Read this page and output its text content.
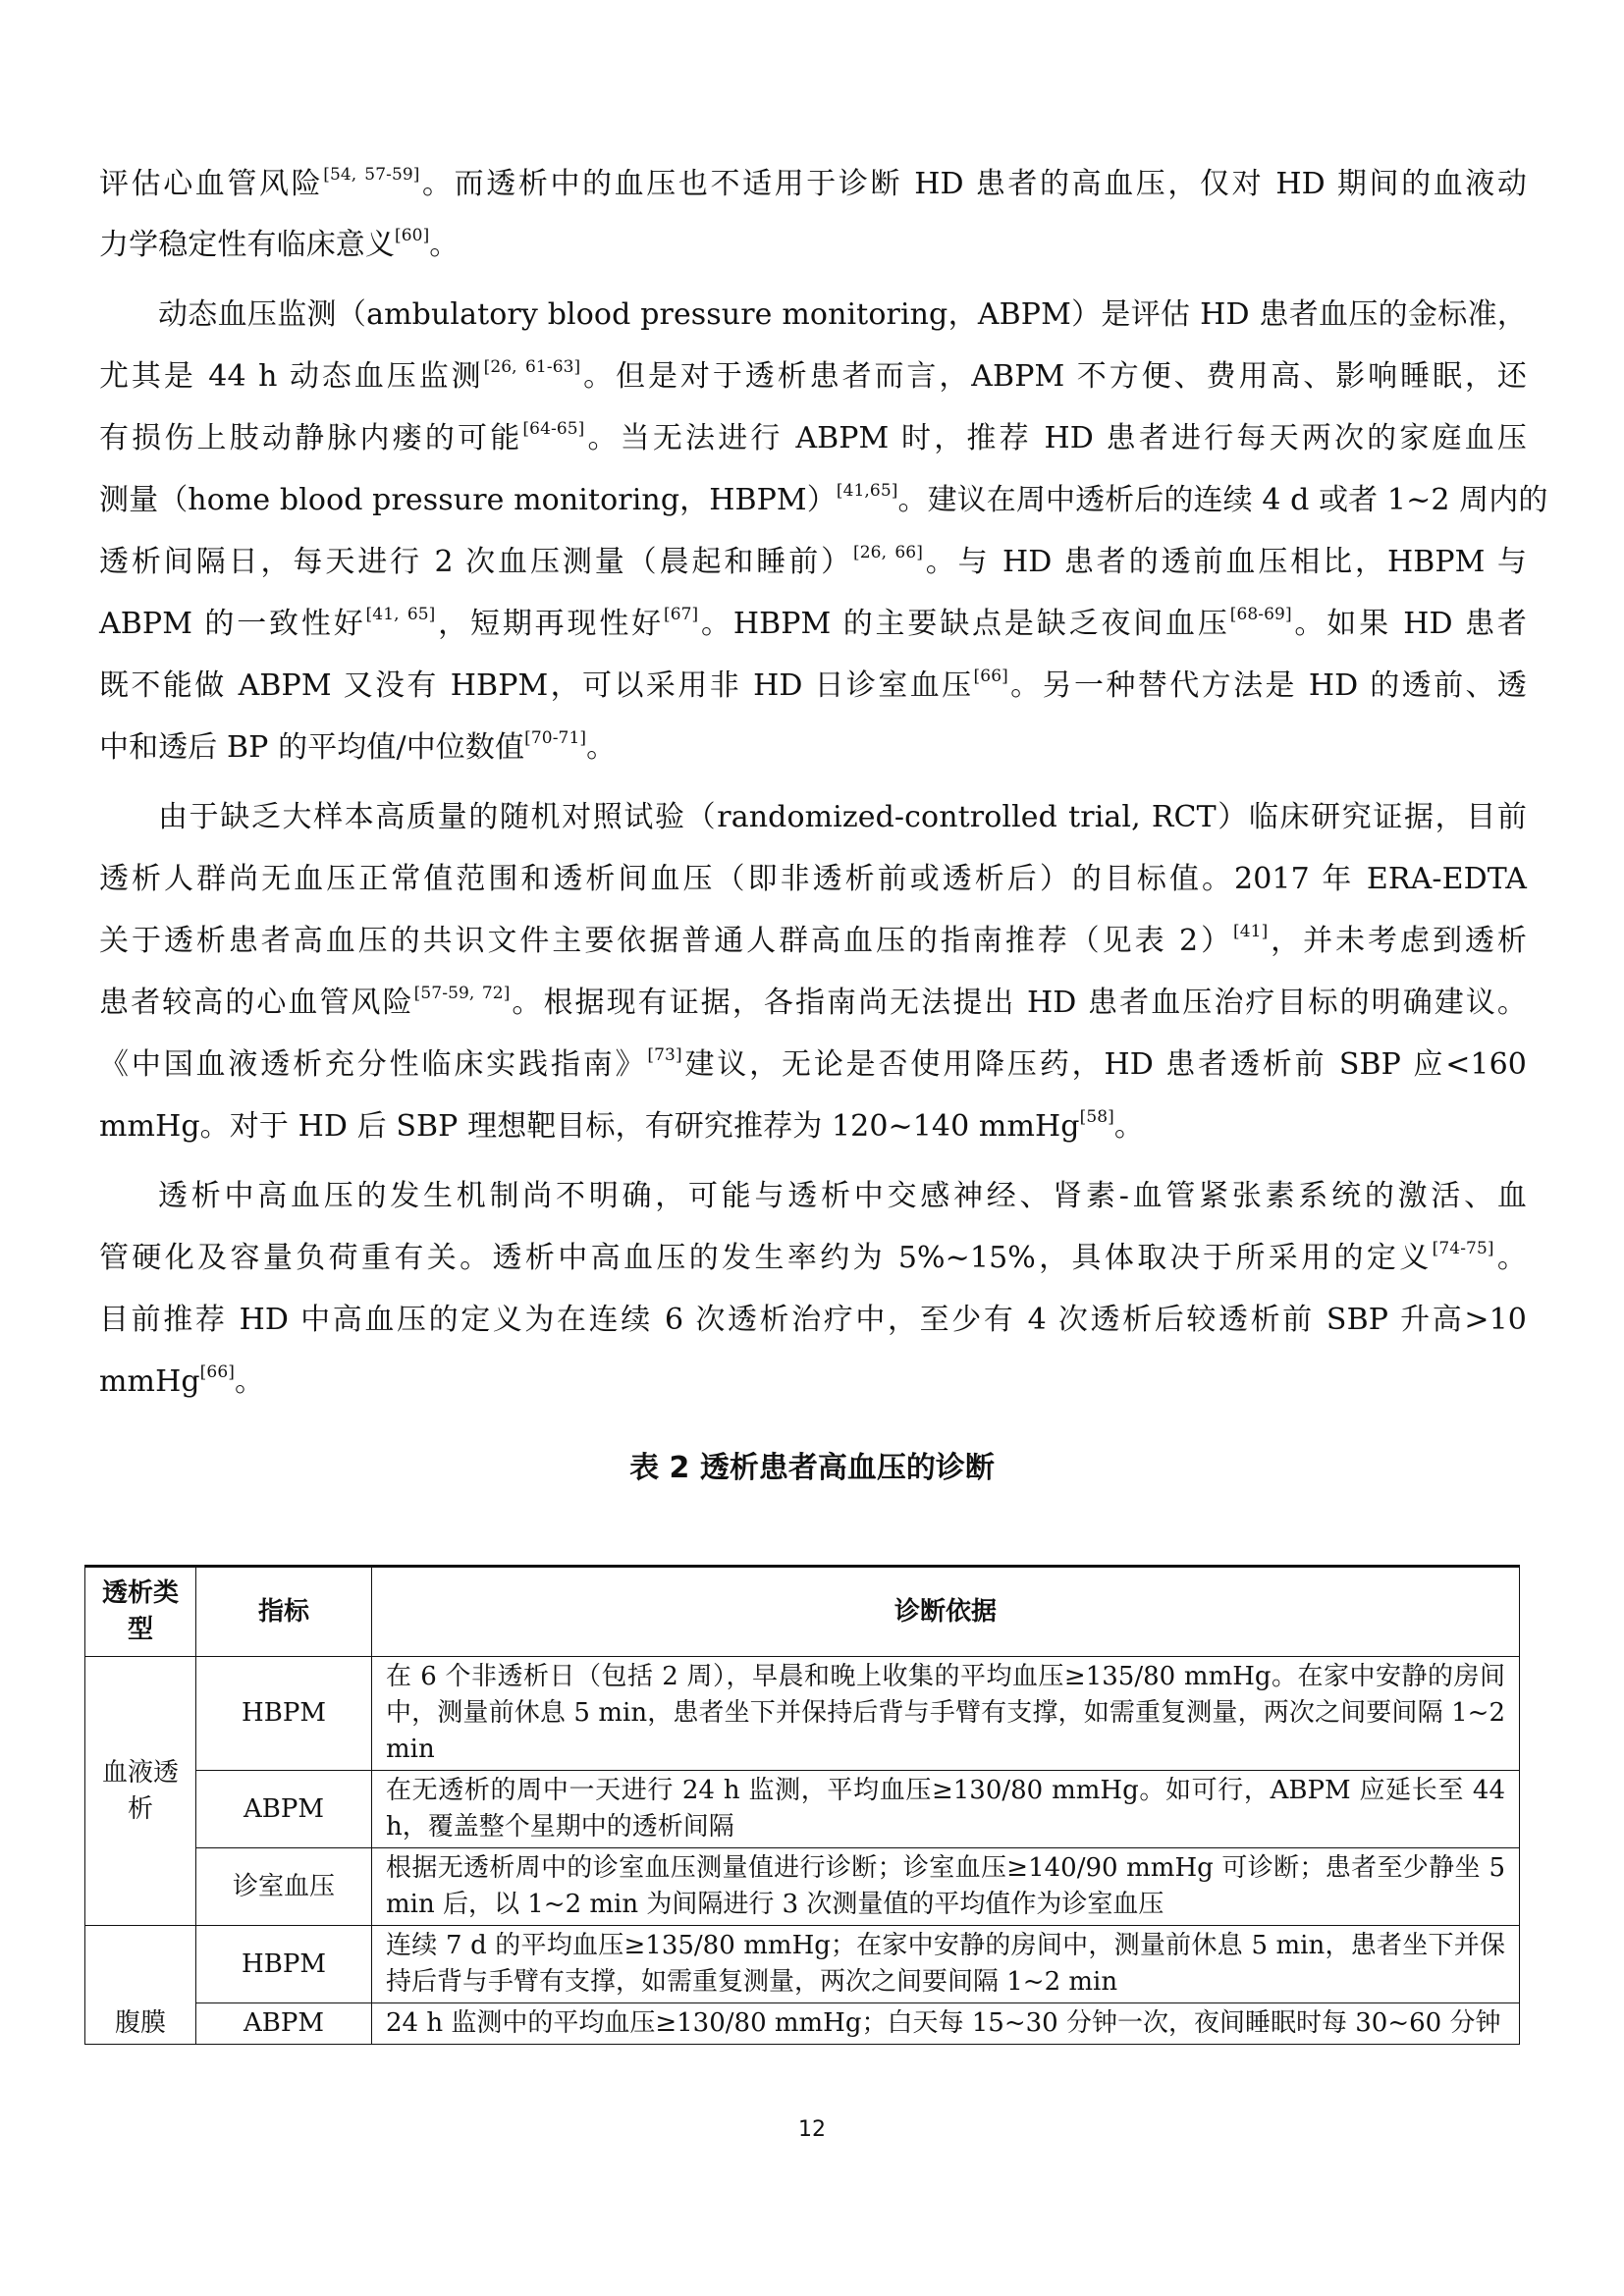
评估心血管风险[54, 57-59]。而透析中的血压也不适用于诊断 HD 患者的高血压，仅对 HD 期间的血液动
力学稳定性有临床意义[60]。
动态血压监测（ambulatory blood pressure monitoring，ABPM）是评估 HD 患者血压的金标准，
尤其是 44 h 动态血压监测[26, 61-63]。但是对于透析患者而言，ABPM 不方便、费用高、影响睡眠，还
有损伤上肢动静脉内瘘的可能[64-65]。当无法进行 ABPM 时，推荐 HD 患者进行每天两次的家庭血压
测量（home blood pressure monitoring，HBPM）[41,65]。建议在周中透析后的连续 4 d 或者 1~2 周内的
透析间隔日，每天进行 2 次血压测量（晨起和睡前）[26, 66]。与 HD 患者的透前血压相比，HBPM 与
ABPM 的一致性好[41, 65]，短期再现性好[67]。HBPM 的主要缺点是缺乏夜间血压[68-69]。如果 HD 患者
既不能做 ABPM 又没有 HBPM，可以采用非 HD 日诊室血压[66]。另一种替代方法是 HD 的透前、透
中和透后 BP 的平均值/中位数值[70-71]。
由于缺乏大样本高质量的随机对照试验（randomized-controlled trial, RCT）临床研究证据，目前
透析人群尚无血压正常值范围和透析间血压（即非透析前或透析后）的目标值。2017 年 ERA-EDTA
关于透析患者高血压的共识文件主要依据普通人群高血压的指南推荐（见表 2）[41]，并未考虑到透析
患者较高的心血管风险[57-59, 72]。根据现有证据，各指南尚无法提出 HD 患者血压治疗目标的明确建议。
《中国血液透析充分性临床实践指南》[73]建议，无论是否使用降压药，HD 患者透析前 SBP 应<160
mmHg。对于 HD 后 SBP 理想靶目标，有研究推荐为 120~140 mmHg[58]。
透析中高血压的发生机制尚不明确，可能与透析中交感神经、肾素-血管紧张素系统的激活、血
管硬化及容量负荷重有关。透析中高血压的发生率约为 5%~15%，具体取决于所采用的定义[74-75]。
目前推荐 HD 中高血压的定义为在连续 6 次透析治疗中，至少有 4 次透析后较透析前 SBP 升高>10
mmHg[66]。
表 2 透析患者高血压的诊断
透析类型	指标	诊断依据
血液透析	HBPM	在 6 个非透析日（包括 2 周），早晨和晚上收集的平均血压≥135/80 mmHg。在家中安静的房间中，测量前休息 5 min，患者坐下并保持后背与手臂有支撑，如需重复测量，两次之间要间隔 1~2 min
	ABPM	在无透析的周中一天进行 24 h 监测，平均血压≥130/80 mmHg。如可行，ABPM 应延长至 44 h，覆盖整个星期中的透析间隔
	诊室血压	根据无透析周中的诊室血压测量值进行诊断；诊室血压≥140/90 mmHg 可诊断；患者至少静坐 5 min 后，以 1~2 min 为间隔进行 3 次测量值的平均值作为诊室血压
腹膜	HBPM	连续 7 d 的平均血压≥135/80 mmHg；在家中安静的房间中，测量前休息 5 min，患者坐下并保持后背与手臂有支撑，如需重复测量，两次之间要间隔 1~2 min
	ABPM	24 h 监测中的平均血压≥130/80 mmHg；白天每 15~30 分钟一次，夜间睡眠时每 30~60 分钟
12
